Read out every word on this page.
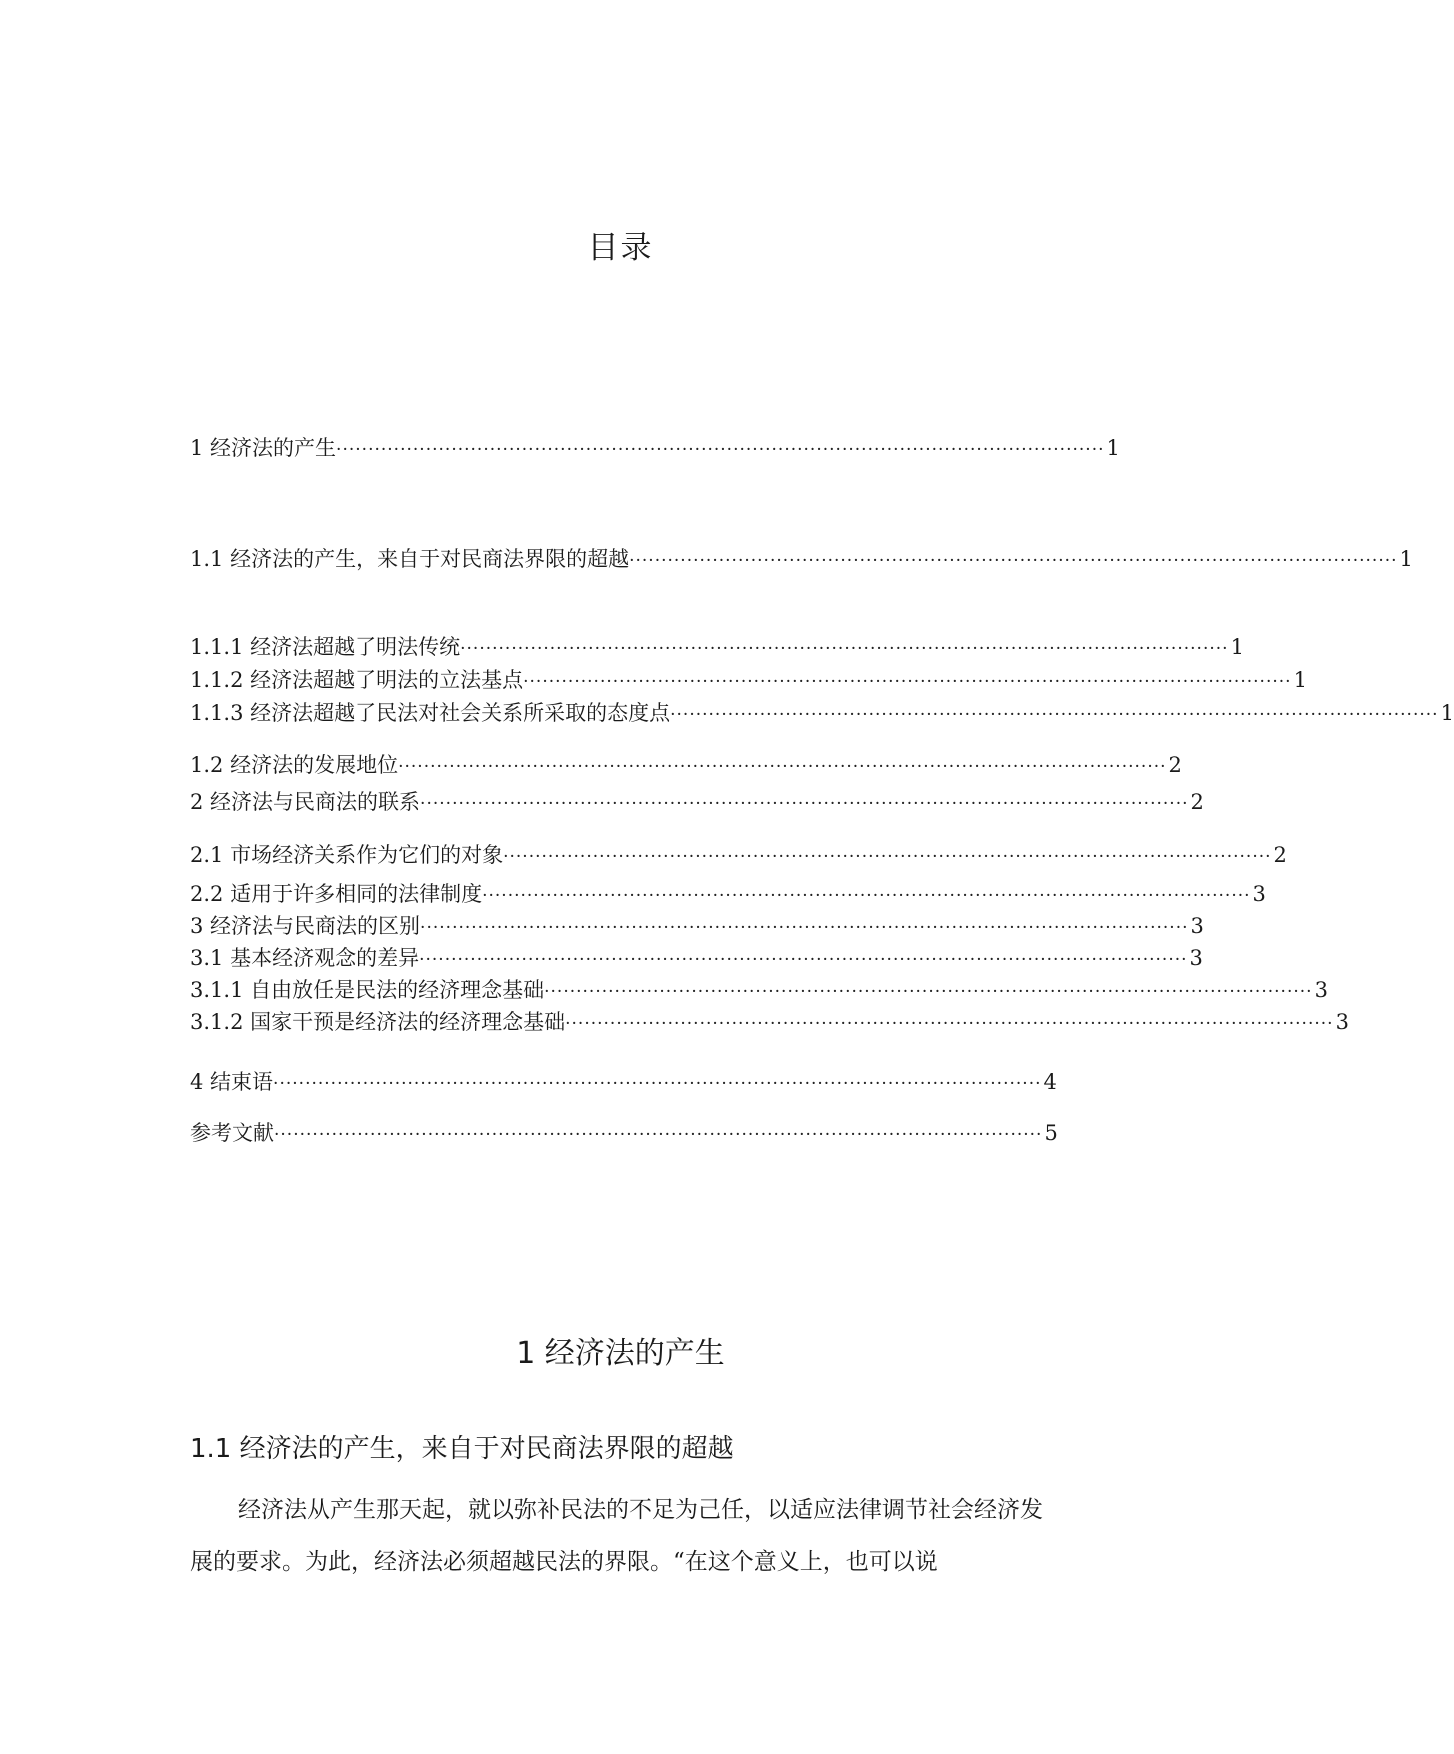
目录
1 经济法的产生 ························································································································ 1
1.1 经济法的产生，来自于对民商法界限的超越 ························································································································ 1
1.1.1 经济法超越了明法传统 ························································································································ 1
1.1.2 经济法超越了明法的立法基点 ························································································································ 1
1.1.3 经济法超越了民法对社会关系所采取的态度点 ························································································································ 1
1.2 经济法的发展地位 ························································································································ 2
2 经济法与民商法的联系 ························································································································ 2
2.1 市场经济关系作为它们的对象 ························································································································ 2
2.2 适用于许多相同的法律制度 ························································································································ 3
3 经济法与民商法的区别 ························································································································ 3
3.1 基本经济观念的差异 ························································································································ 3
3.1.1 自由放任是民法的经济理念基础 ························································································································ 3
3.1.2 国家干预是经济法的经济理念基础 ························································································································ 3
4 结束语 ························································································································ 4
参考文献 ························································································································ 5
1 经济法的产生
1.1 经济法的产生，来自于对民商法界限的超越
经济法从产生那天起，就以弥补民法的不足为己任，以适应法律调节社会经济发展的要求。为此，经济法必须超越民法的界限。“在这个意义上，也可以说
